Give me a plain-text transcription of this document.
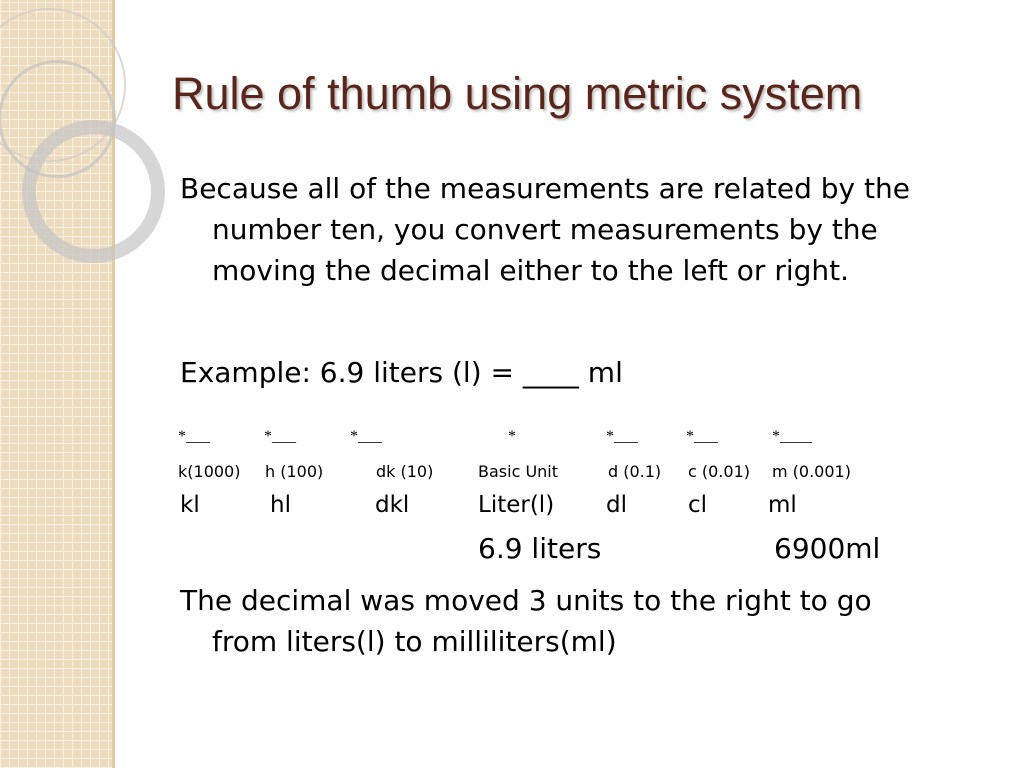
Rule of thumb using metric system
Because all of the measurements are related by the
number ten, you convert measurements by the
moving the decimal either to the left or right.
Example: 6.9 liters (l) = ____ ml
*___	*___	*___	*	*___	*___	*____
k(1000) h (100)	dk (10)	Basic Unit	d (0.1) c (0.01) m (0.001)
kl	hl	dkl	Liter(l) dl	cl	ml
6.9 liters	6900ml
The decimal was moved 3 units to the right to go
from liters(l) to milliliters(ml)
